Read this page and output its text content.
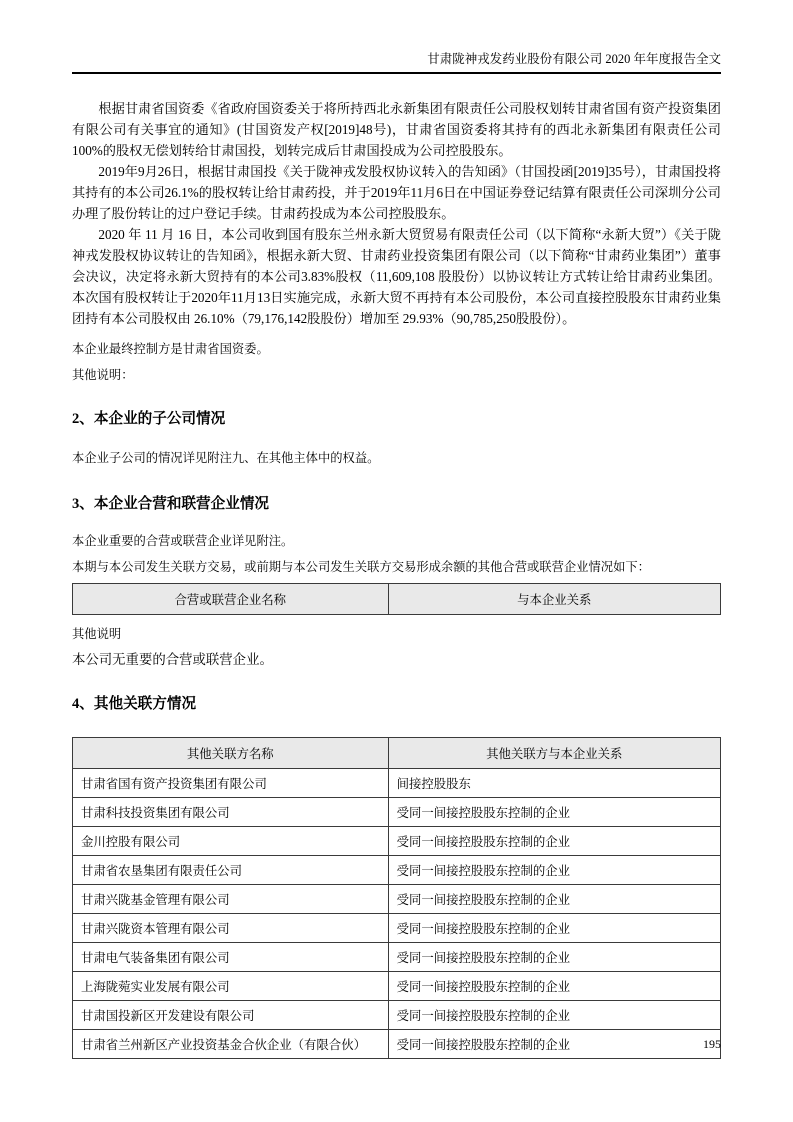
甘肃陇神戎发药业股份有限公司 2020 年年度报告全文

根据甘肃省国资委《省政府国资委关于将所持西北永新集团有限责任公司股权划转甘肃省国有资产投资集团有限公司有关事宜的通知》(甘国资发产权[2019]48号)，甘肃省国资委将其持有的西北永新集团有限责任公司100%的股权无偿划转给甘肃国投，划转完成后甘肃国投成为公司控股股东。

2019年9月26日，根据甘肃国投《关于陇神戎发股权协议转入的告知函》（甘国投函[2019]35号），甘肃国投将其持有的本公司26.1%的股权转让给甘肃药投，并于2019年11月6日在中国证券登记结算有限责任公司深圳分公司办理了股份转让的过户登记手续。甘肃药投成为本公司控股股东。

2020 年 11 月 16 日，本公司收到国有股东兰州永新大贸贸易有限责任公司（以下简称“永新大贸”）《关于陇神戎发股权协议转让的告知函》，根据永新大贸、甘肃药业投资集团有限公司（以下简称“甘肃药业集团”）董事会决议，决定将永新大贸持有的本公司3.83%股权（11,609,108 股股份）以协议转让方式转让给甘肃药业集团。本次国有股权转让于2020年11月13日实施完成，永新大贸不再持有本公司股份，本公司直接控股股东甘肃药业集团持有本公司股权由 26.10%（79,176,142股股份）增加至 29.93%（90,785,250股股份）。

本企业最终控制方是甘肃省国资委。

其他说明：

2、本企业的子公司情况

本企业子公司的情况详见附注九、在其他主体中的权益。

3、本企业合营和联营企业情况

本企业重要的合营或联营企业详见附注。

本期与本公司发生关联方交易，或前期与本公司发生关联方交易形成余额的其他合营或联营企业情况如下：

合营或联营企业名称	与本企业关系

其他说明

本公司无重要的合营或联营企业。

4、其他关联方情况
其他关联方名称	其他关联方与本企业关系
甘肃省国有资产投资集团有限公司	间接控股股东
甘肃科技投资集团有限公司	受同一间接控股股东控制的企业
金川控股有限公司	受同一间接控股股东控制的企业
甘肃省农垦集团有限责任公司	受同一间接控股股东控制的企业
甘肃兴陇基金管理有限公司	受同一间接控股股东控制的企业
甘肃兴陇资本管理有限公司	受同一间接控股股东控制的企业
甘肃电气装备集团有限公司	受同一间接控股股东控制的企业
上海陇菀实业发展有限公司	受同一间接控股股东控制的企业
甘肃国投新区开发建设有限公司	受同一间接控股股东控制的企业
甘肃省兰州新区产业投资基金合伙企业（有限合伙）	受同一间接控股股东控制的企业	195
